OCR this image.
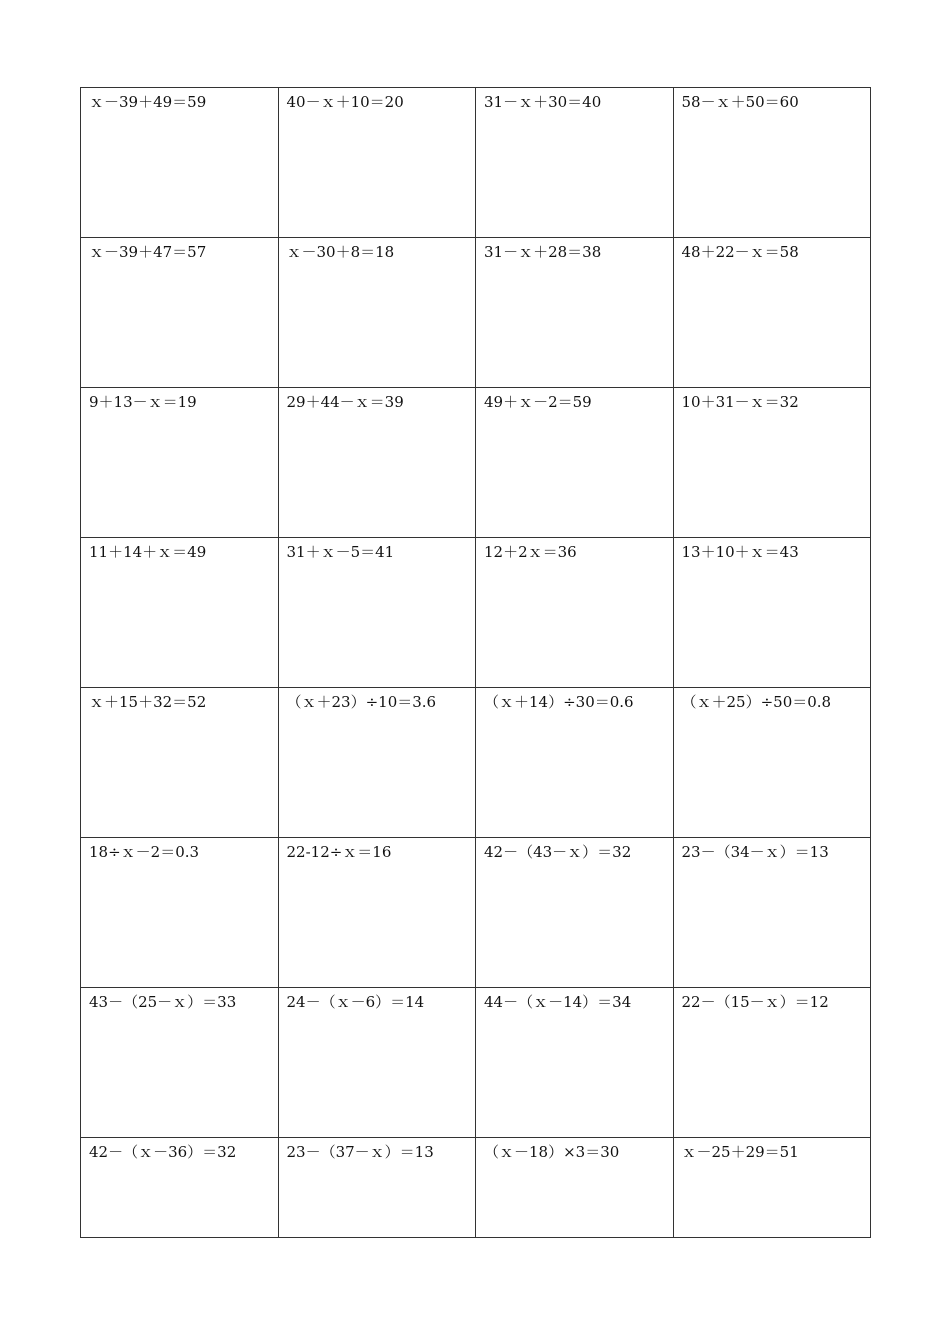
ｘ－39＋49＝59	40－ｘ＋10＝20	31－ｘ＋30＝40	58－ｘ＋50＝60
ｘ－39＋47＝57	ｘ－30＋8＝18	31－ｘ＋28＝38	48＋22－ｘ＝58
9＋13－ｘ＝19	29＋44－ｘ＝39	49＋ｘ－2＝59	10＋31－ｘ＝32
11＋14＋ｘ＝49	31＋ｘ－5＝41	12＋2ｘ＝36	13＋10＋ｘ＝43
ｘ＋15＋32＝52	（ｘ＋23）÷10＝3.6	（ｘ＋14）÷30＝0.6	（ｘ＋25）÷50＝0.8
18÷ｘ－2＝0.3	22-12÷ｘ＝16	42－（43－ｘ）＝32	23－（34－ｘ）＝13
43－（25－ｘ）＝33	24－（ｘ－6）＝14	44－（ｘ－14）＝34	22－（15－ｘ）＝12
42－（ｘ－36）＝32	23－（37－ｘ）＝13	（ｘ－18）×3＝30	ｘ－25＋29＝51
